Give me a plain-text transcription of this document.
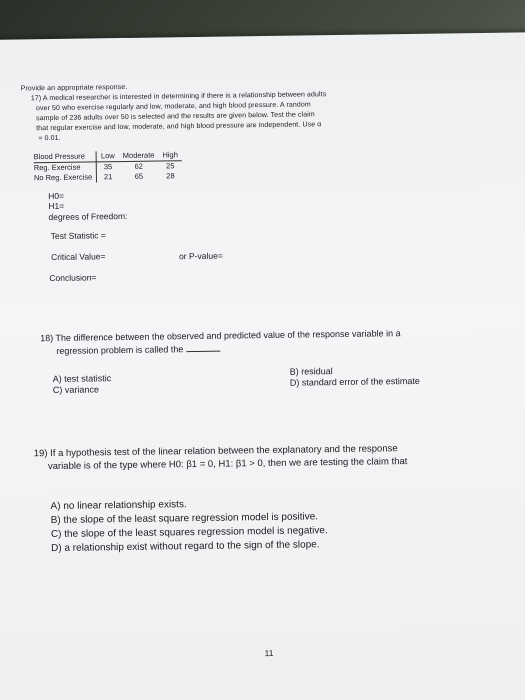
Provide an appropriate response.
17) A medical researcher is interested in determining if there is a relationship between adults
over 50 who exercise regularly and low, moderate, and high blood pressure. A random
sample of 236 adults over 50 is selected and the results are given below. Test the claim
that regular exercise and low, moderate, and high blood pressure are independent. Use α
= 0.01.
Blood Pressure	Low	Moderate	High
Reg. Exercise	35	62	25
No Reg. Exercise	21	65	28
H0=
H1=
degrees of Freedom:
Test Statistic =
Critical Value=	or P-value=
Conclusion=
18) The difference between the observed and predicted value of the response variable in a
regression problem is called the
A) test statistic
B) residual
C) variance
D) standard error of the estimate
19) If a hypothesis test of the linear relation between the explanatory and the response
variable is of the type where H0: β1 = 0, H1: β1 > 0, then we are testing the claim that
A) no linear relationship exists.
B) the slope of the least square regression model is positive.
C) the slope of the least squares regression model is negative.
D) a relationship exist without regard to the sign of the slope.
11
